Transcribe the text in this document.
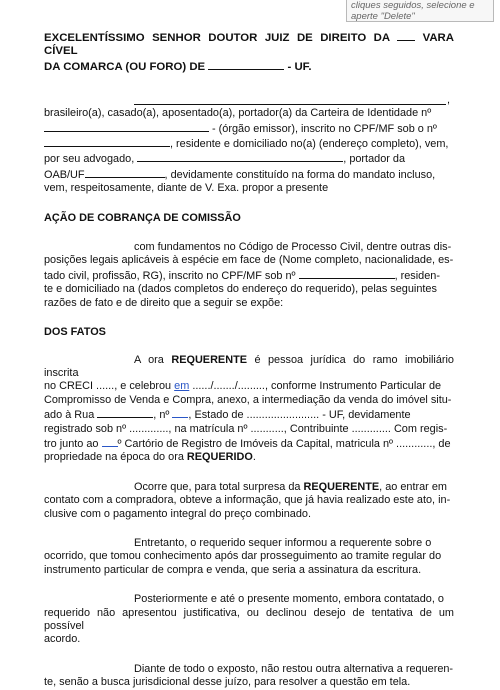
cliques seguidos, selecione e aperte "Delete"

EXCELENTÍSSIMO SENHOR DOUTOR JUIZ DE DIREITO DA	VARA CÍVEL
DA COMARCA (OU FORO) DE	- UF.

,

brasileiro(a), casado(a), aposentado(a), portador(a) da Carteira de Identidade nº
- (órgão emissor), inscrito no CPF/MF sob o nº
, residente e domiciliado no(a) (endereço completo), vem,
por seu advogado,	, portador da
OAB/UF	, devidamente constituído na forma do mandato incluso,
vem, respeitosamente, diante de V. Exa. propor a presente

AÇÃO DE COBRANÇA DE COMISSÃO

com fundamentos no Código de Processo Civil, dentre outras dis-
posições legais aplicáveis à espécie em face de (Nome completo, nacionalidade, es-
tado civil, profissão, RG), inscrito no CPF/MF sob nº	, residen-
te e domiciliado na (dados completos do endereço do requerido), pelas seguintes
razões de fato e de direito que a seguir se expõe:

DOS FATOS

A ora REQUERENTE é pessoa jurídica do ramo imobiliário inscrita
no CRECI ......, e celebrou em ....../......./........., conforme Instrumento Particular de
Compromisso de Venda e Compra, anexo, a intermediação da venda do imóvel situ-
ado à Rua	, nº , Estado de ........................ - UF, devidamente
registrado sob nº ............., na matrícula nº ..........., Contribuinte ............. Com regis-
tro junto ao º Cartório de Registro de Imóveis da Capital, matricula nº ............, de
propriedade na época do ora REQUERIDO.

Ocorre que, para total surpresa da REQUERENTE, ao entrar em
contato com a compradora, obteve a informação, que já havia realizado este ato, in-
clusive com o pagamento integral do preço combinado.

Entretanto, o requerido sequer informou a requerente sobre o
ocorrido, que tomou conhecimento após dar prosseguimento ao tramite regular do
instrumento particular de compra e venda, que seria a assinatura da escritura.

Posteriormente e até o presente momento, embora contatado, o
requerido não apresentou justificativa, ou declinou desejo de tentativa de um possível
acordo.

Diante de todo o exposto, não restou outra alternativa a requeren-
te, senão a busca jurisdicional desse juízo, para resolver a questão em tela.
